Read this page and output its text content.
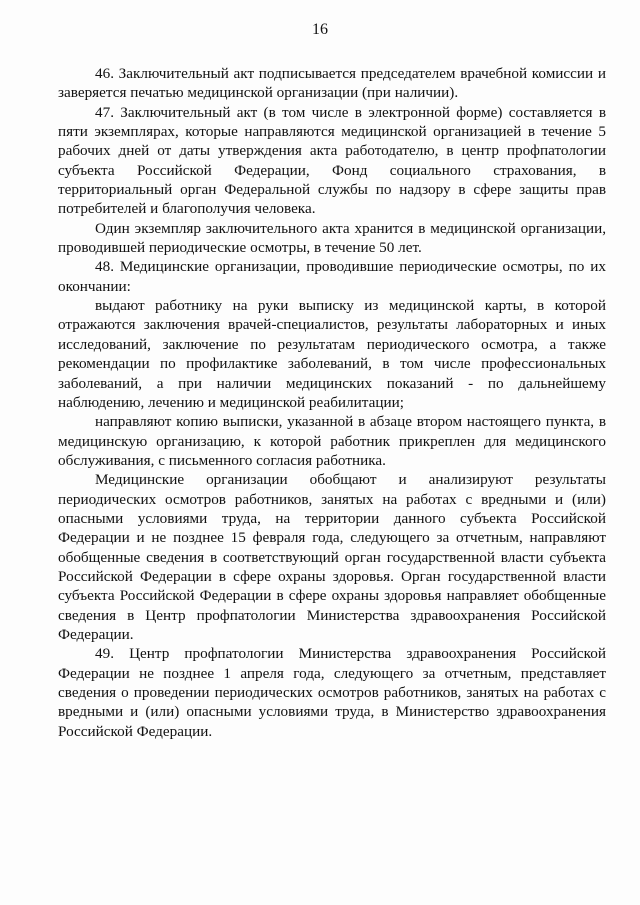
16

46. Заключительный акт подписывается председателем врачебной комиссии и заверяется печатью медицинской организации (при наличии).

47. Заключительный акт (в том числе в электронной форме) составляется в пяти экземплярах, которые направляются медицинской организацией в течение 5 рабочих дней от даты утверждения акта работодателю, в центр профпатологии субъекта Российской Федерации, Фонд социального страхования, в территориальный орган Федеральной службы по надзору в сфере защиты прав потребителей и благополучия человека.

Один экземпляр заключительного акта хранится в медицинской организации, проводившей периодические осмотры, в течение 50 лет.

48. Медицинские организации, проводившие периодические осмотры, по их окончании:

выдают работнику на руки выписку из медицинской карты, в которой отражаются заключения врачей-специалистов, результаты лабораторных и иных исследований, заключение по результатам периодического осмотра, а также рекомендации по профилактике заболеваний, в том числе профессиональных заболеваний, а при наличии медицинских показаний - по дальнейшему наблюдению, лечению и медицинской реабилитации;

направляют копию выписки, указанной в абзаце втором настоящего пункта, в медицинскую организацию, к которой работник прикреплен для медицинского обслуживания, с письменного согласия работника.

Медицинские организации обобщают и анализируют результаты периодических осмотров работников, занятых на работах с вредными и (или) опасными условиями труда, на территории данного субъекта Российской Федерации и не позднее 15 февраля года, следующего за отчетным, направляют обобщенные сведения в соответствующий орган государственной власти субъекта Российской Федерации в сфере охраны здоровья. Орган государственной власти субъекта Российской Федерации в сфере охраны здоровья направляет обобщенные сведения в Центр профпатологии Министерства здравоохранения Российской Федерации.

49. Центр профпатологии Министерства здравоохранения Российской Федерации не позднее 1 апреля года, следующего за отчетным, представляет сведения о проведении периодических осмотров работников, занятых на работах с вредными и (или) опасными условиями труда, в Министерство здравоохранения Российской Федерации.
